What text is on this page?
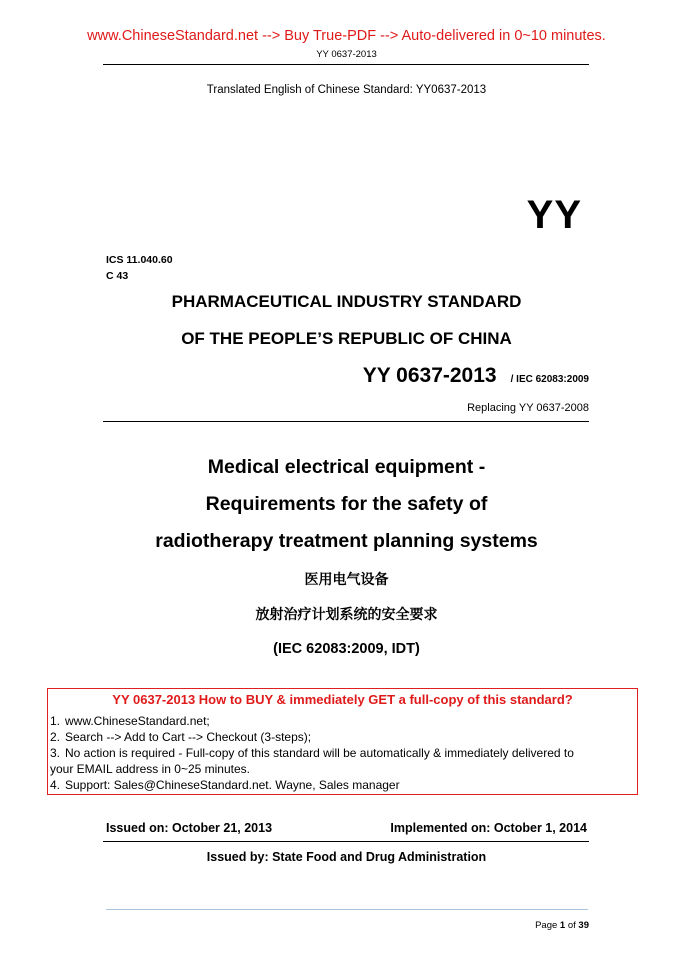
www.ChineseStandard.net --> Buy True-PDF --> Auto-delivered in 0~10 minutes.
YY 0637-2013
Translated English of Chinese Standard: YY0637-2013
YY
ICS 11.040.60
C 43
PHARMACEUTICAL INDUSTRY STANDARD
OF THE PEOPLE’S REPUBLIC OF CHINA
YY 0637-2013 / IEC 62083:2009
Replacing YY 0637-2008
Medical electrical equipment -
Requirements for the safety of
radiotherapy treatment planning systems
医用电气设备
放射治疗计划系统的安全要求
(IEC 62083:2009, IDT)
YY 0637-2013 How to BUY & immediately GET a full-copy of this standard?
1. www.ChineseStandard.net;
2. Search --> Add to Cart --> Checkout (3-steps);
3. No action is required - Full-copy of this standard will be automatically & immediately delivered to
your EMAIL address in 0~25 minutes.
4. Support: Sales@ChineseStandard.net. Wayne, Sales manager
Issued on: October 21, 2013	Implemented on: October 1, 2014
Issued by: State Food and Drug Administration
Page 1 of 39
